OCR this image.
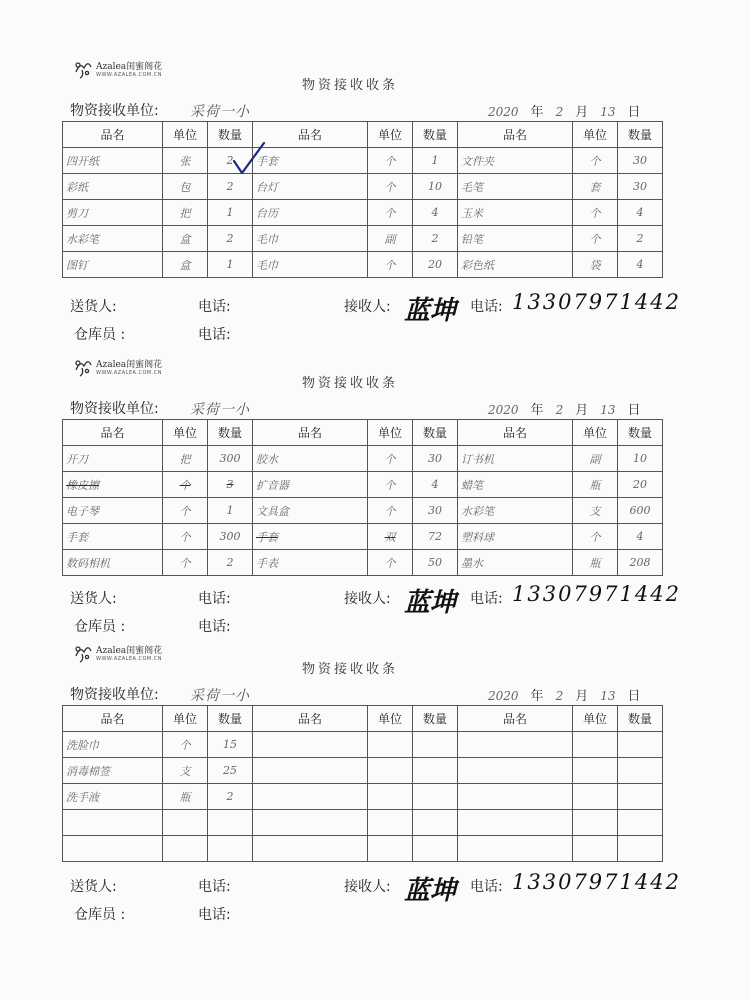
Azalea闺蜜阁花
WWW.AZALEA.COM.CN
物资接收收条
物资接收单位: 采荷一小	2020 年 2 月 13 日
品名	单位	数量	品名	单位	数量	品名	单位	数量
四开纸	张	2	手套	个	1	文件夹	个	30
彩纸	包	2	台灯	个	10	毛笔	套	30
剪刀	把	1	台历	个	4	玉米	个	4
水彩笔	盒	2	毛巾	副	2	铅笔	个	2
图钉	盒	1	毛巾	个	20	彩色纸	袋	4
送货人:	电话:	接收人: 蓝坤 电话: 13307971442
仓库员 :	电话:
Azalea闺蜜阁花
WWW.AZALEA.COM.CN
物资接收收条
物资接收单位: 采荷一小	2020 年 2 月 13 日
品名	单位	数量	品名	单位	数量	品名	单位	数量
开刀	把	300	胶水	个	30	订书机	副	10
橡皮擦	个	3	扩音器	个	4	蜡笔	瓶	20
电子琴	个	1	文具盒	个	30	水彩笔	支	600
手套	个	300	手套	双	72	塑料球	个	4
数码相机	个	2	手表	个	50	墨水	瓶	208
送货人:	电话:	接收人: 蓝坤 电话: 13307971442
仓库员 :	电话:
Azalea闺蜜阁花
WWW.AZALEA.COM.CN
物资接收收条
物资接收单位: 采荷一小	2020 年 2 月 13 日
品名	单位	数量	品名	单位	数量	品名	单位	数量
洗脸巾	个	15						
消毒棉签	支	25						
洗手液	瓶	2						

送货人:	电话:	接收人: 蓝坤 电话: 13307971442
仓库员 :	电话:
